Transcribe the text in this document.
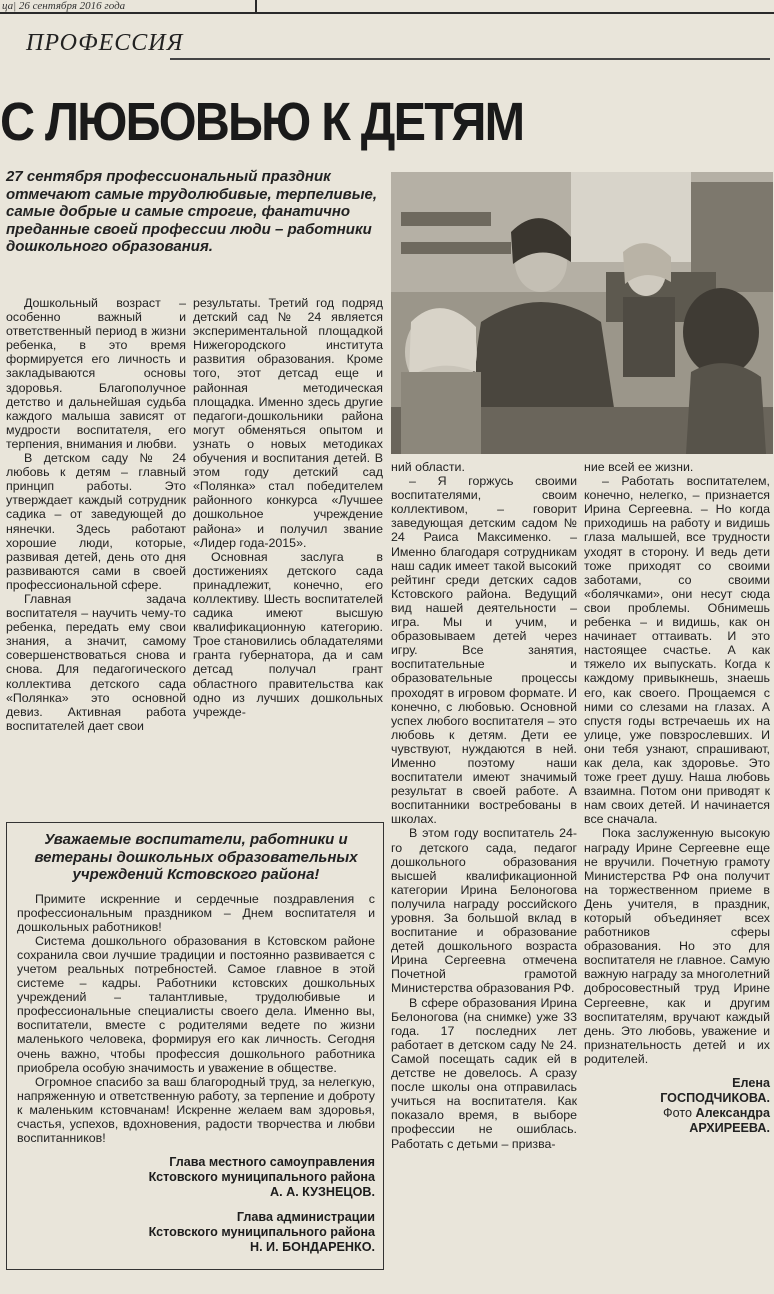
ца| 26 сентября 2016 года
ПРОФЕССИЯ
С ЛЮБОВЬЮ К ДЕТЯМ
27 сентября профессиональный праздник отмечают самые трудолюбивые, терпеливые, самые добрые и самые строгие, фанатично преданные своей профессии люди – работники дошкольного образования.

Дошкольный возраст – особенно важный и ответственный период в жизни ребенка, в это время формируется его личность и закладываются основы здоровья. Благополучное детство и дальнейшая судьба каждого малыша зависят от мудрости воспитателя, его терпения, внимания и любви.

В детском саду № 24 любовь к детям – главный принцип работы. Это утверждает каждый сотрудник садика – от заведующей до нянечки. Здесь работают хорошие люди, которые, развивая детей, день ото дня развиваются сами в своей профессиональной сфере.

Главная задача воспитателя – научить чему-то ребенка, передать ему свои знания, а значит, самому совершенствоваться снова и снова. Для педагогического коллектива детского сада «Полянка» это основной девиз. Активная работа воспитателей дает свои

результаты. Третий год подряд детский сад № 24 является экспериментальной площадкой Нижегородского института развития образования. Кроме того, этот детсад еще и районная методическая площадка. Именно здесь другие педагоги-дошкольники района могут обменяться опытом и узнать о новых методиках обучения и воспитания детей. В этом году детский сад «Полянка» стал победителем районного конкурса «Лучшее дошкольное учреждение района» и получил звание «Лидер года-2015».

Основная заслуга в достижениях детского сада принадлежит, конечно, его коллективу. Шесть воспитателей садика имеют высшую квалификационную категорию. Трое становились обладателями гранта губернатора, да и сам детсад получал грант областного правительства как одно из лучших дошкольных учрежде-

ний области.

– Я горжусь своими воспитателями, своим коллективом, – говорит заведующая детским садом № 24 Раиса Максименко. – Именно благодаря сотрудникам наш садик имеет такой высокий рейтинг среди детских садов Кстовского района. Ведущий вид нашей деятельности – игра. Мы и учим, и образовываем детей через игру. Все занятия, воспитательные и образовательные процессы проходят в игровом формате. И конечно, с любовью. Основной успех любого воспитателя – это любовь к детям. Дети ее чувствуют, нуждаются в ней. Именно поэтому наши воспитатели имеют значимый результат в своей работе. А воспитанники востребованы в школах.

В этом году воспитатель 24-го детского сада, педагог дошкольного образования высшей квалификационной категории Ирина Белоногова получила награду российского уровня. За большой вклад в воспитание и образование детей дошкольного возраста Ирина Сергеевна отмечена Почетной грамотой Министерства образования РФ.

В сфере образования Ирина Белоногова (на снимке) уже 33 года. 17 последних лет работает в детском саду № 24. Самой посещать садик ей в детстве не довелось. А сразу после школы она отправилась учиться на воспитателя. Как показало время, в выборе профессии не ошиблась. Работать с детьми – призва-

ние всей ее жизни.

– Работать воспитателем, конечно, нелегко, – признается Ирина Сергеевна. – Но когда приходишь на работу и видишь глаза малышей, все трудности уходят в сторону. И ведь дети тоже приходят со своими заботами, со своими «болячками», они несут сюда свои проблемы. Обнимешь ребенка – и видишь, как он начинает оттаивать. И это настоящее счастье. А как тяжело их выпускать. Когда к каждому привыкнешь, знаешь его, как своего. Прощаемся с ними со слезами на глазах. А спустя годы встречаешь их на улице, уже повзрослевших. И они тебя узнают, спрашивают, как дела, как здоровье. Это тоже греет душу. Наша любовь взаимна. Потом они приводят к нам своих детей. И начинается все сначала.

Пока заслуженную высокую награду Ирине Сергеевне еще не вручили. Почетную грамоту Министерства РФ она получит на торжественном приеме в День учителя, в праздник, который объединяет всех работников сферы образования. Но это для воспитателя не главное. Самую важную награду за многолетний добросовестный труд Ирине Сергеевне, как и другим воспитателям, вручают каждый день. Это любовь, уважение и признательность детей и их родителей.

Елена
ГОСПОДЧИКОВА.
Фото Александра
АРХИРЕЕВА.
Уважаемые воспитатели, работники и ветераны дошкольных образовательных учреждений Кстовского района!

Примите искренние и сердечные поздравления с профессиональным праздником – Днем воспитателя и дошкольных работников!

Система дошкольного образования в Кстовском районе сохранила свои лучшие традиции и постоянно развивается с учетом реальных потребностей. Самое главное в этой системе – кадры. Работники кстовских дошкольных учреждений – талантливые, трудолюбивые и профессиональные специалисты своего дела. Именно вы, воспитатели, вместе с родителями ведете по жизни маленького человека, формируя его как личность. Сегодня очень важно, чтобы профессия дошкольного работника приобрела особую значимость и уважение в обществе.

Огромное спасибо за ваш благородный труд, за нелегкую, напряженную и ответственную работу, за терпение и доброту к маленьким кстовчанам! Искренне желаем вам здоровья, счастья, успехов, вдохновения, радости творчества и любви воспитанников!

Глава местного самоуправления
Кстовского муниципального района
А. А. КУЗНЕЦОВ.
Глава администрации
Кстовского муниципального района
Н. И. БОНДАРЕНКО.
